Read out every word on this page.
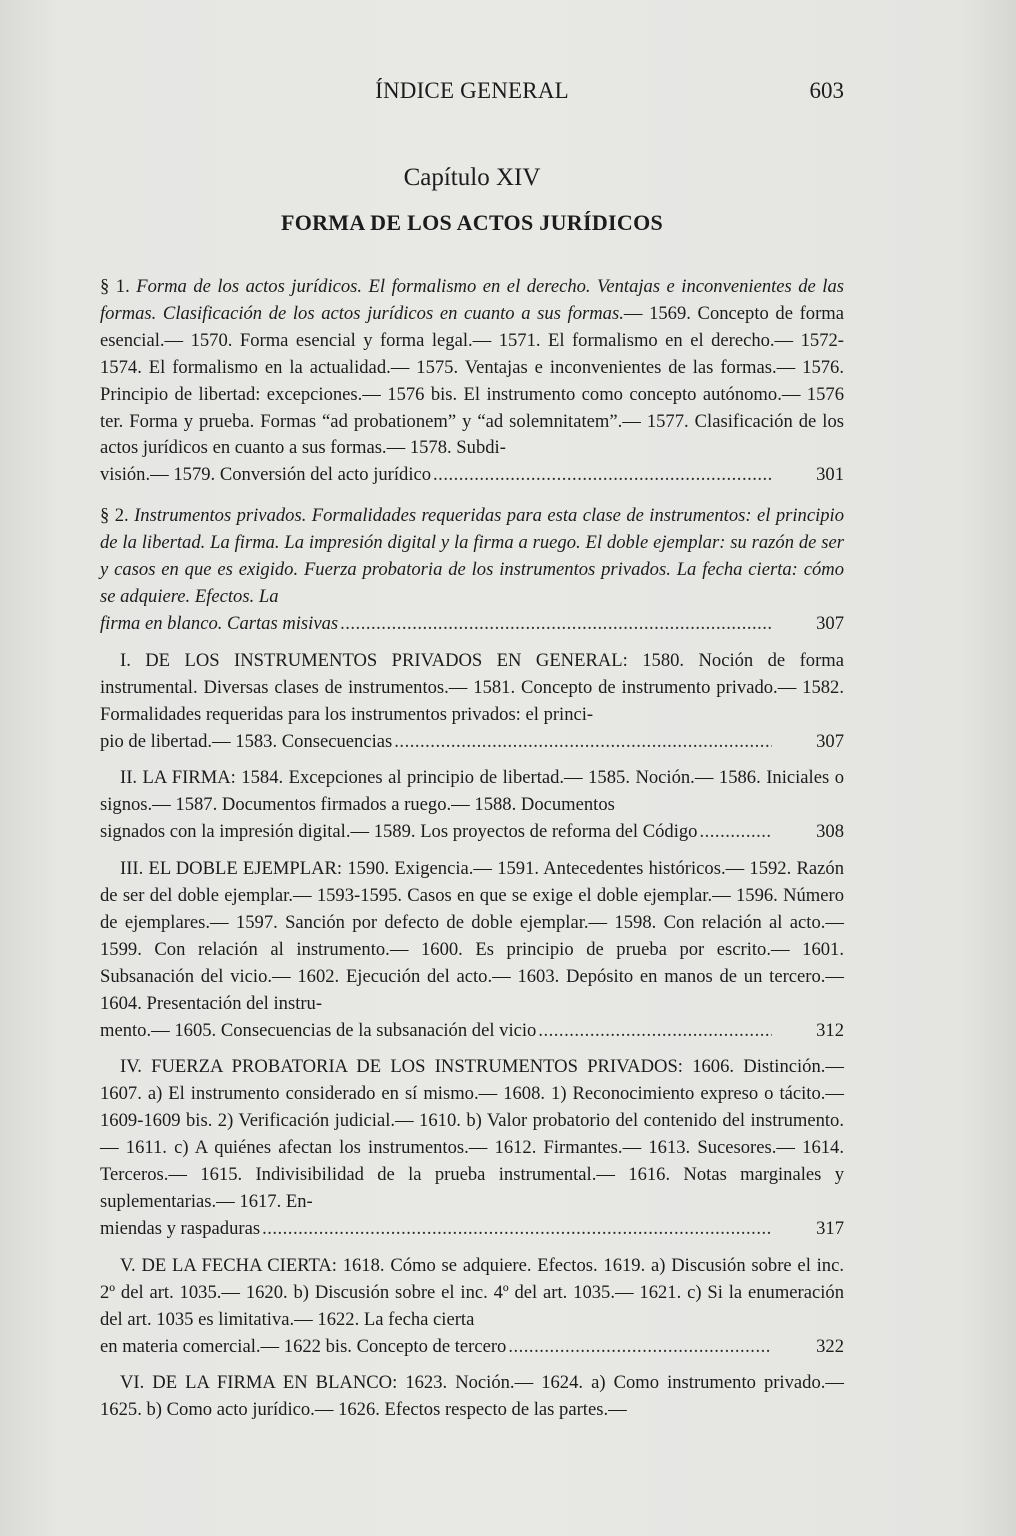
ÍNDICE GENERAL	603
Capítulo XIV
FORMA DE LOS ACTOS JURÍDICOS
§ 1. Forma de los actos jurídicos. El formalismo en el derecho. Ventajas e inconvenientes de las formas. Clasificación de los actos jurídicos en cuanto a sus formas.— 1569. Concepto de forma esencial.— 1570. Forma esencial y forma legal.— 1571. El formalismo en el derecho.— 1572-1574. El formalismo en la actualidad.— 1575. Ventajas e inconvenientes de las formas.— 1576. Principio de libertad: excepciones.— 1576 bis. El instrumento como concepto autónomo.— 1576 ter. Forma y prueba. Formas “ad probationem” y “ad solemnitatem”.— 1577. Clasificación de los actos jurídicos en cuanto a sus formas.— 1578. Subdi-
visión.— 1579. Conversión del acto jurídico .....	301
§ 2. Instrumentos privados. Formalidades requeridas para esta clase de instrumentos: el principio de la libertad. La firma. La impresión digital y la firma a ruego. El doble ejemplar: su razón de ser y casos en que es exigido. Fuerza probatoria de los instrumentos privados. La fecha cierta: cómo se adquiere. Efectos. La
firma en blanco. Cartas misivas .....	307
I. DE LOS INSTRUMENTOS PRIVADOS EN GENERAL: 1580. Noción de forma instrumental. Diversas clases de instrumentos.— 1581. Concepto de instrumento privado.— 1582. Formalidades requeridas para los instrumentos privados: el princi-
pio de libertad.— 1583. Consecuencias .....	307
II. LA FIRMA: 1584. Excepciones al principio de libertad.— 1585. Noción.— 1586. Iniciales o signos.— 1587. Documentos firmados a ruego.— 1588. Documentos
signados con la impresión digital.— 1589. Los proyectos de reforma del Código .....	308
III. EL DOBLE EJEMPLAR: 1590. Exigencia.— 1591. Antecedentes históricos.— 1592. Razón de ser del doble ejemplar.— 1593-1595. Casos en que se exige el doble ejemplar.— 1596. Número de ejemplares.— 1597. Sanción por defecto de doble ejemplar.— 1598. Con relación al acto.— 1599. Con relación al instrumento.— 1600. Es principio de prueba por escrito.— 1601. Subsanación del vicio.— 1602. Ejecución del acto.— 1603. Depósito en manos de un tercero.— 1604. Presentación del instru-
mento.— 1605. Consecuencias de la subsanación del vicio .....	312
IV. FUERZA PROBATORIA DE LOS INSTRUMENTOS PRIVADOS: 1606. Distinción.— 1607. a) El instrumento considerado en sí mismo.— 1608. 1) Reconocimiento expreso o tácito.— 1609-1609 bis. 2) Verificación judicial.— 1610. b) Valor probatorio del contenido del instrumento.— 1611. c) A quiénes afectan los instrumentos.— 1612. Firmantes.— 1613. Sucesores.— 1614. Terceros.— 1615. Indivisibilidad de la prueba instrumental.— 1616. Notas marginales y suplementarias.— 1617. En-
miendas y raspaduras .....	317
V. DE LA FECHA CIERTA: 1618. Cómo se adquiere. Efectos. 1619. a) Discusión sobre el inc. 2º del art. 1035.— 1620. b) Discusión sobre el inc. 4º del art. 1035.— 1621. c) Si la enumeración del art. 1035 es limitativa.— 1622. La fecha cierta
en materia comercial.— 1622 bis. Concepto de tercero .....	322
VI. DE LA FIRMA EN BLANCO: 1623. Noción.— 1624. a) Como instrumento privado.— 1625. b) Como acto jurídico.— 1626. Efectos respecto de las partes.—
